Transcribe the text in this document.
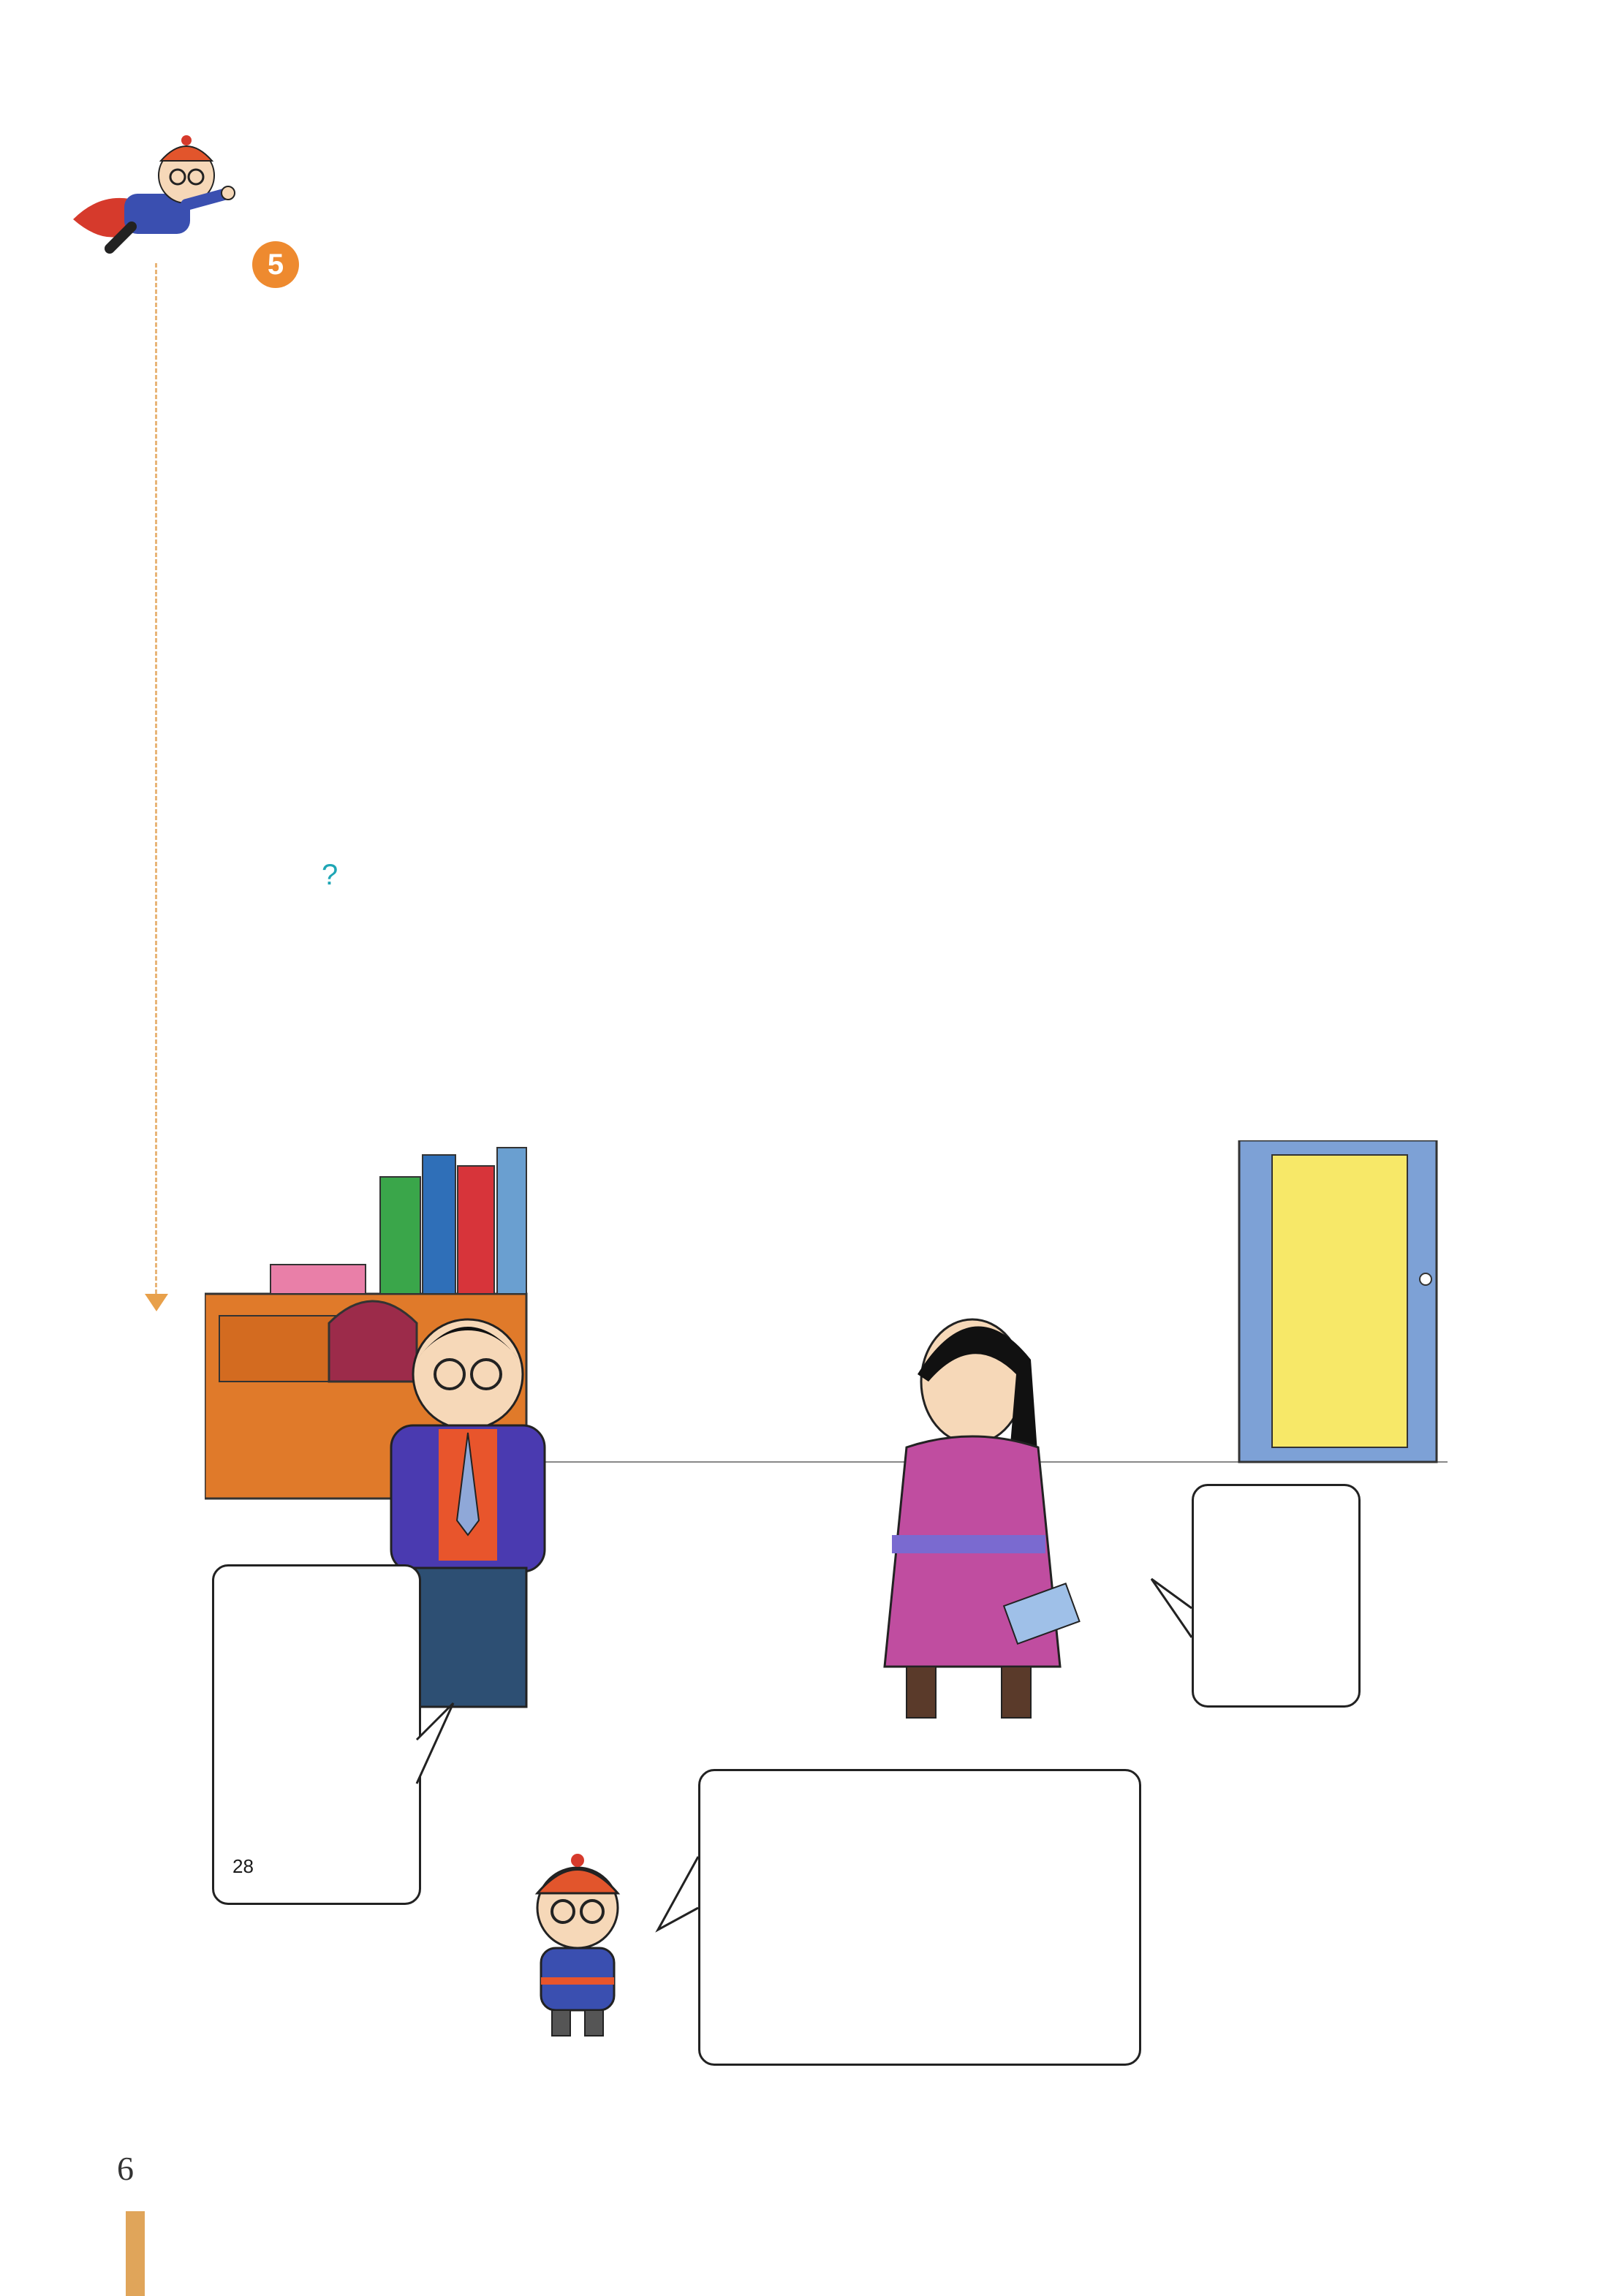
6
5
?

28
